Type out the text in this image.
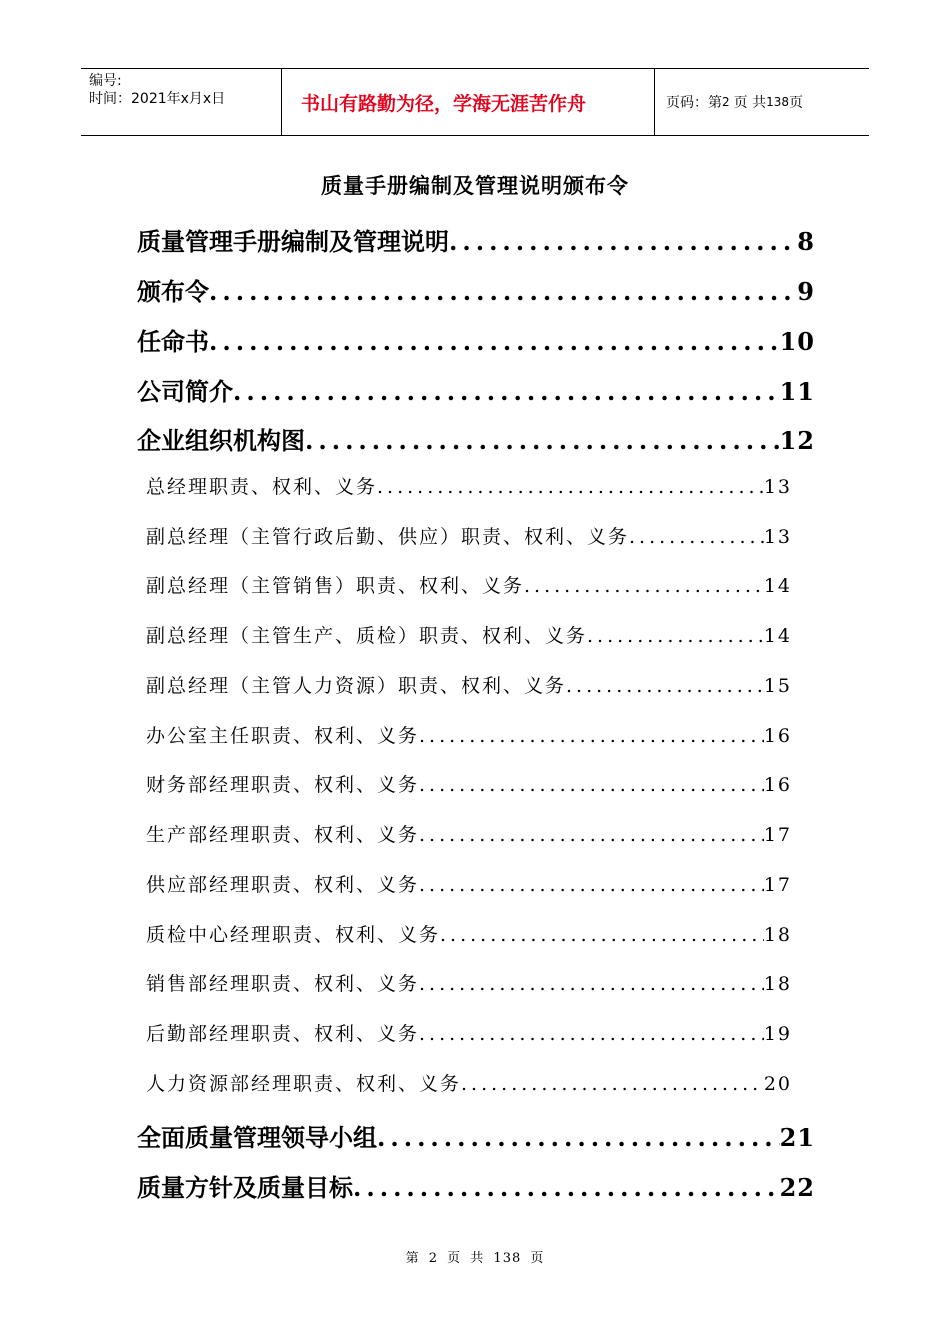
编号:
时间：2021年x月x日	书山有路勤为径，学海无涯苦作舟	页码：第 2 页 共 138 页
质量手册编制及管理说明颁布令
质量管理手册编制及管理说明 .....	8
颁布令 .....	9
任命书 .....	10
公司简介 .....	11
企业组织机构图 .....	12
总经理职责、权利、义务 .....	13
副总经理（主管行政后勤、供应）职责、权利、义务 .....	13
副总经理（主管销售）职责、权利、义务 .....	14
副总经理（主管生产、质检）职责、权利、义务 .....	14
副总经理（主管人力资源）职责、权利、义务 .....	15
办公室主任职责、权利、义务 .....	16
财务部经理职责、权利、义务 .....	16
生产部经理职责、权利、义务 .....	17
供应部经理职责、权利、义务 .....	17
质检中心经理职责、权利、义务 .....	18
销售部经理职责、权利、义务 .....	18
后勤部经理职责、权利、义务 .....	19
人力资源部经理职责、权利、义务 .....	20
全面质量管理领导小组 .....	21
质量方针及质量目标 .....	22
第 2 页 共 138 页
